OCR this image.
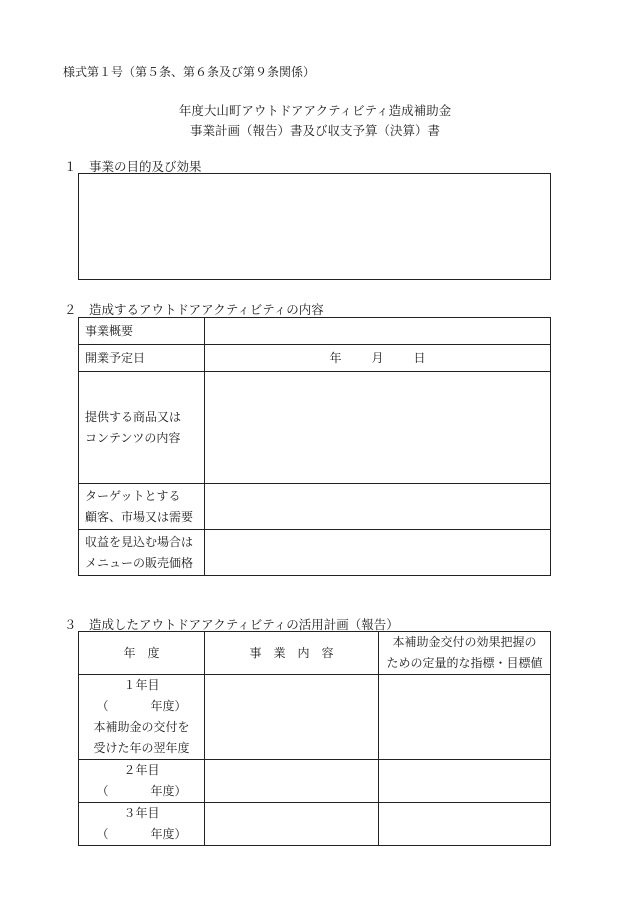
様式第１号（第５条、第６条及び第９条関係）
年度大山町アウトドアアクティビティ造成補助金
事業計画（報告）書及び収支予算（決算）書
１　事業の目的及び効果
２　造成するアウトドアアクティビティの内容
事業概要	
開業予定日	年 月 日

提供する商品又は
コンテンツの内容	

ターゲットとする
顧客、市場又は需要	

収益を見込む場合は
メニューの販売価格	

３　造成したアウトドアアクティビティの活用計画（報告）
年　度	事　業　内　容	本補助金交付の効果把握の
ための定量的な指標・目標値

１年目
（ 年度）
本補助金の交付を
受けた年の翌年度		

２年目
（ 年度）		

３年目
（ 年度）		
